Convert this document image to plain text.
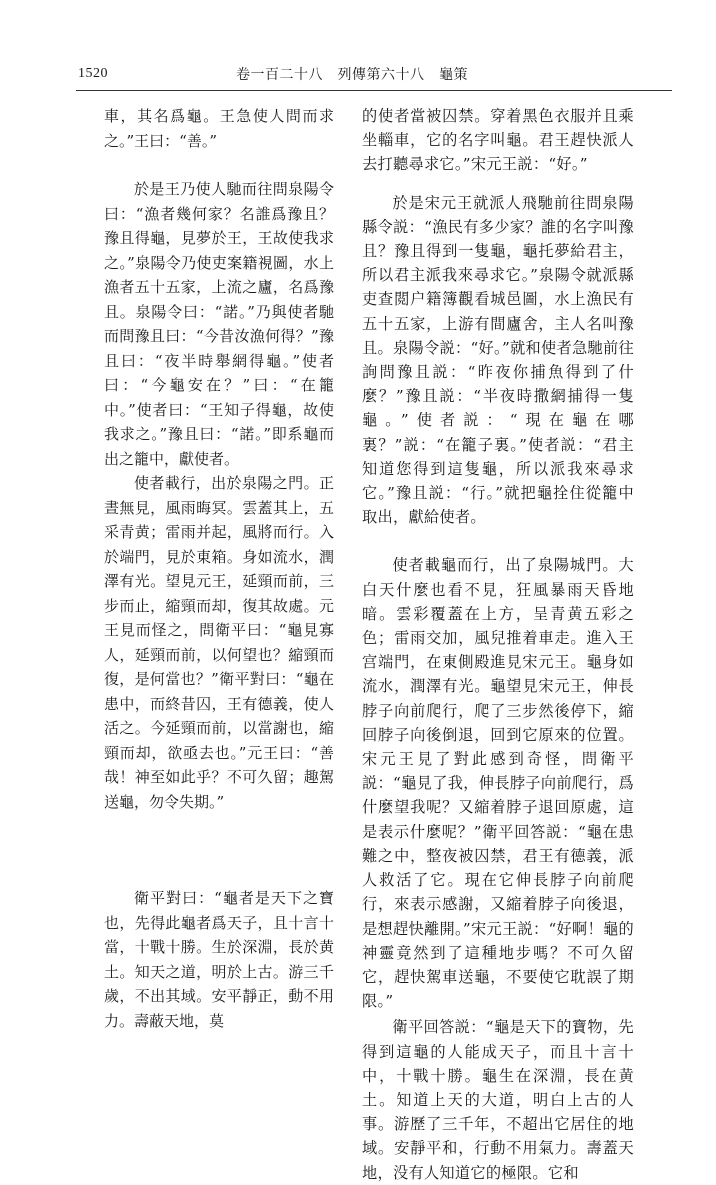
1520	卷一百二十八　列傳第六十八　龜策

車，其名爲龜。王急使人問而求之。”王曰：“善。”

於是王乃使人馳而往問泉陽令曰：“漁者幾何家？名誰爲豫且？豫且得龜，見夢於王，王故使我求之。”泉陽令乃使吏案籍視圖，水上漁者五十五家，上流之廬，名爲豫且。泉陽令曰：“諾。”乃與使者馳而問豫且曰：“今昔汝漁何得？”豫且曰：“夜半時舉網得龜。”使者曰：“今龜安在？”曰：“在籠中。”使者曰：“王知子得龜，故使我求之。”豫且曰：“諾。”即系龜而出之籠中，獻使者。

使者載行，出於泉陽之門。正晝無見，風雨晦冥。雲蓋其上，五采青黄；雷雨并起，風將而行。入於端門，見於東箱。身如流水，潤澤有光。望見元王，延頸而前，三步而止，縮頸而却，復其故處。元王見而怪之，問衛平曰：“龜見寡人，延頸而前，以何望也？縮頸而復，是何當也？”衛平對曰：“龜在患中，而終昔囚，王有德義，使人活之。今延頸而前，以當謝也，縮頸而却，欲亟去也。”元王曰：“善哉！神至如此乎？不可久留；趣駕送龜，勿令失期。”

衛平對曰：“龜者是天下之寶也，先得此龜者爲天子，且十言十當，十戰十勝。生於深淵，長於黄土。知天之道，明於上古。游三千歲，不出其域。安平靜正，動不用力。壽蔽天地，莫

的使者當被囚禁。穿着黑色衣服并且乘坐輜車，它的名字叫龜。君王趕快派人去打聽尋求它。”宋元王説：“好。”

於是宋元王就派人飛馳前往問泉陽縣令説：“漁民有多少家？誰的名字叫豫且？豫且得到一隻龜，龜托夢給君主，所以君主派我來尋求它。”泉陽令就派縣吏查閲户籍簿觀看城邑圖，水上漁民有五十五家，上游有間廬舍，主人名叫豫且。泉陽令説：“好。”就和使者急馳前往詢問豫且説：“昨夜你捕魚得到了什麼？”豫且説：“半夜時撒網捕得一隻龜。”使者説：“現在龜在哪裏？”説：“在籠子裏。”使者説：“君主知道您得到這隻龜，所以派我來尋求它。”豫且説：“行。”就把龜拴住從籠中取出，獻給使者。

使者載龜而行，出了泉陽城門。大白天什麼也看不見，狂風暴雨天昏地暗。雲彩覆蓋在上方，呈青黄五彩之色；雷雨交加，風兒推着車走。進入王宫端門，在東側殿進見宋元王。龜身如流水，潤澤有光。龜望見宋元王，伸長脖子向前爬行，爬了三步然後停下，縮回脖子向後倒退，回到它原來的位置。宋元王見了對此感到奇怪，問衛平説：“龜見了我，伸長脖子向前爬行，爲什麼望我呢？又縮着脖子退回原處，這是表示什麼呢？”衛平回答説：“龜在患難之中，整夜被囚禁，君王有德義，派人救活了它。現在它伸長脖子向前爬行，來表示感謝，又縮着脖子向後退，是想趕快離開。”宋元王説：“好啊！龜的神靈竟然到了這種地步嗎？不可久留它，趕快駕車送龜，不要使它耽誤了期限。”

衛平回答説：“龜是天下的寶物，先得到這龜的人能成天子，而且十言十中，十戰十勝。龜生在深淵，長在黄土。知道上天的大道，明白上古的人事。游歷了三千年，不超出它居住的地域。安靜平和，行動不用氣力。壽蓋天地，没有人知道它的極限。它和
